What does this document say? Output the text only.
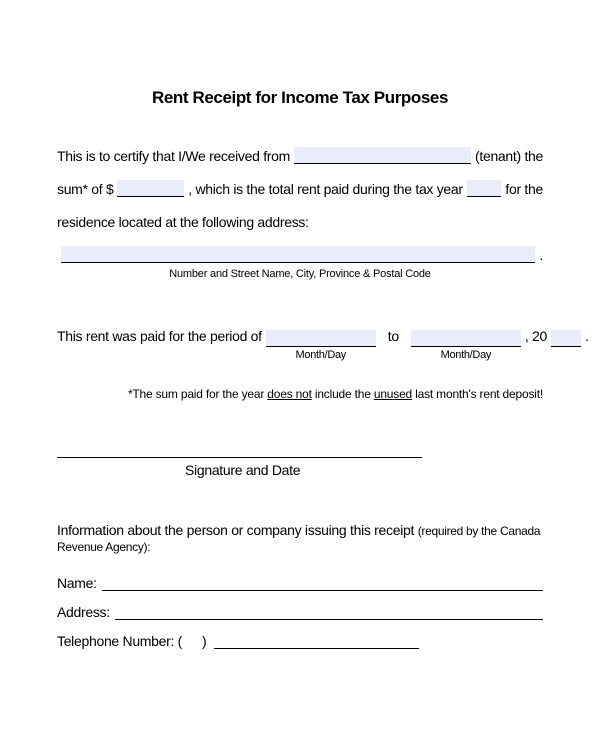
Rent Receipt for Income Tax Purposes
This is to certify that I/We received from	(tenant) the
sum* of $	, which is the total rent paid during the tax year	for the
residence located at the following address:
.
Number and Street Name, City, Province & Postal Code
This rent was paid for the period of	to	, 20	.
Month/Day	Month/Day
*The sum paid for the year does not include the unused last month's rent deposit!
Signature and Date
Information about the person or company issuing this receipt (required by the Canada Revenue Agency):
Name:
Address:
Telephone Number: ( )
